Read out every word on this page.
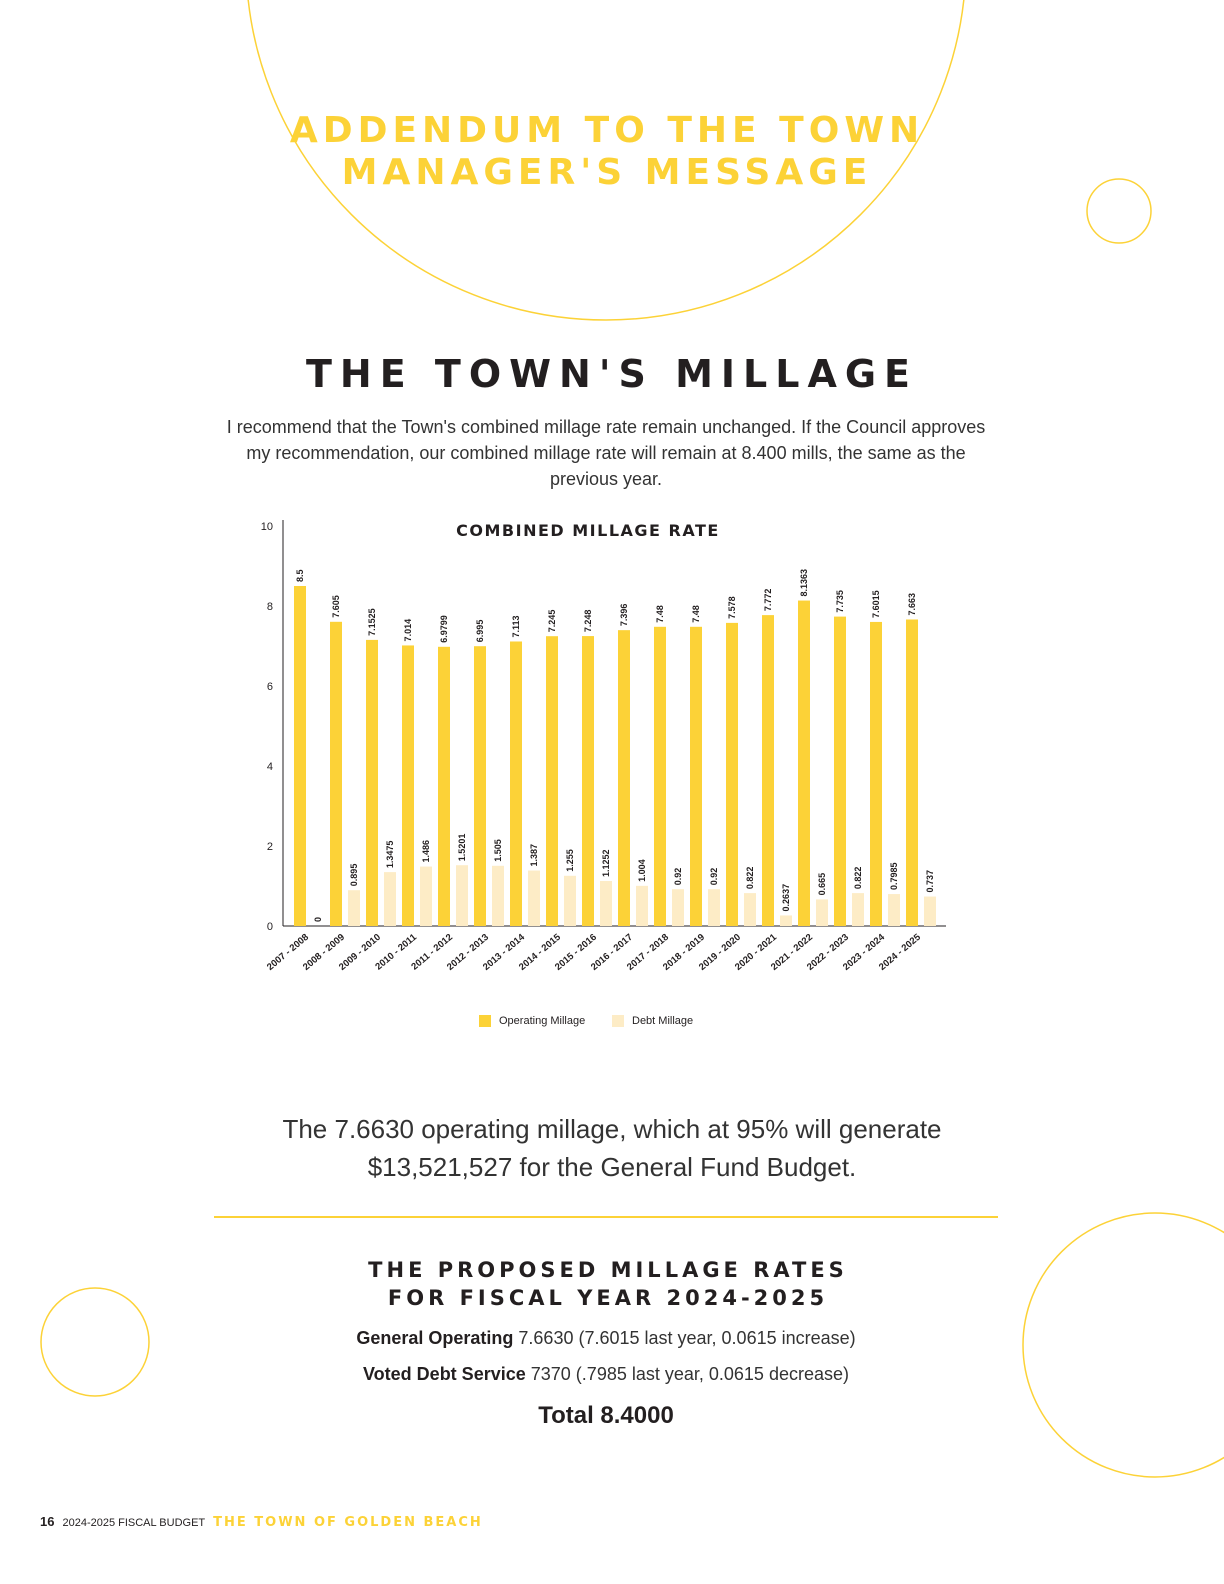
ADDENDUM TO THE TOWN
MANAGER'S MESSAGE
THE TOWN'S MILLAGE

I recommend that the Town's combined millage rate remain unchanged. If the Council approves my recommendation, our combined millage rate will remain at 8.400 mills, the same as the previous year.

COMBINED MILLAGE RATE
0
2
4
6
8
10
8.5
0
2007 - 2008
7.605
0.895
2008 - 2009
7.1525
1.3475
2009 - 2010
7.014
1.486
2010 - 2011
6.9799
1.5201
2011 - 2012
6.995
1.505
2012 - 2013
7.113
1.387
2013 - 2014
7.245
1.255
2014 - 2015
7.248
1.1252
2015 - 2016
7.396
1.004
2016 - 2017
7.48
0.92
2017 - 2018
7.48
0.92
2018 - 2019
7.578
0.822
2019 - 2020
7.772
0.2637
2020 - 2021
8.1363
0.665
2021 - 2022
7.735
0.822
2022 - 2023
7.6015
0.7985
2023 - 2024
7.663
0.737
2024 - 2025
Operating Millage	Debt Millage

The 7.6630 operating millage, which at 95% will generate
$13,521,527 for the General Fund Budget.

THE PROPOSED MILLAGE RATES
FOR FISCAL YEAR 2024-2025
General Operating 7.6630 (7.6015 last year, 0.0615 increase)
Voted Debt Service 7370 (.7985 last year, 0.0615 decrease)
Total 8.4000
16 2024-2025 FISCAL BUDGET THE TOWN OF GOLDEN BEACH
